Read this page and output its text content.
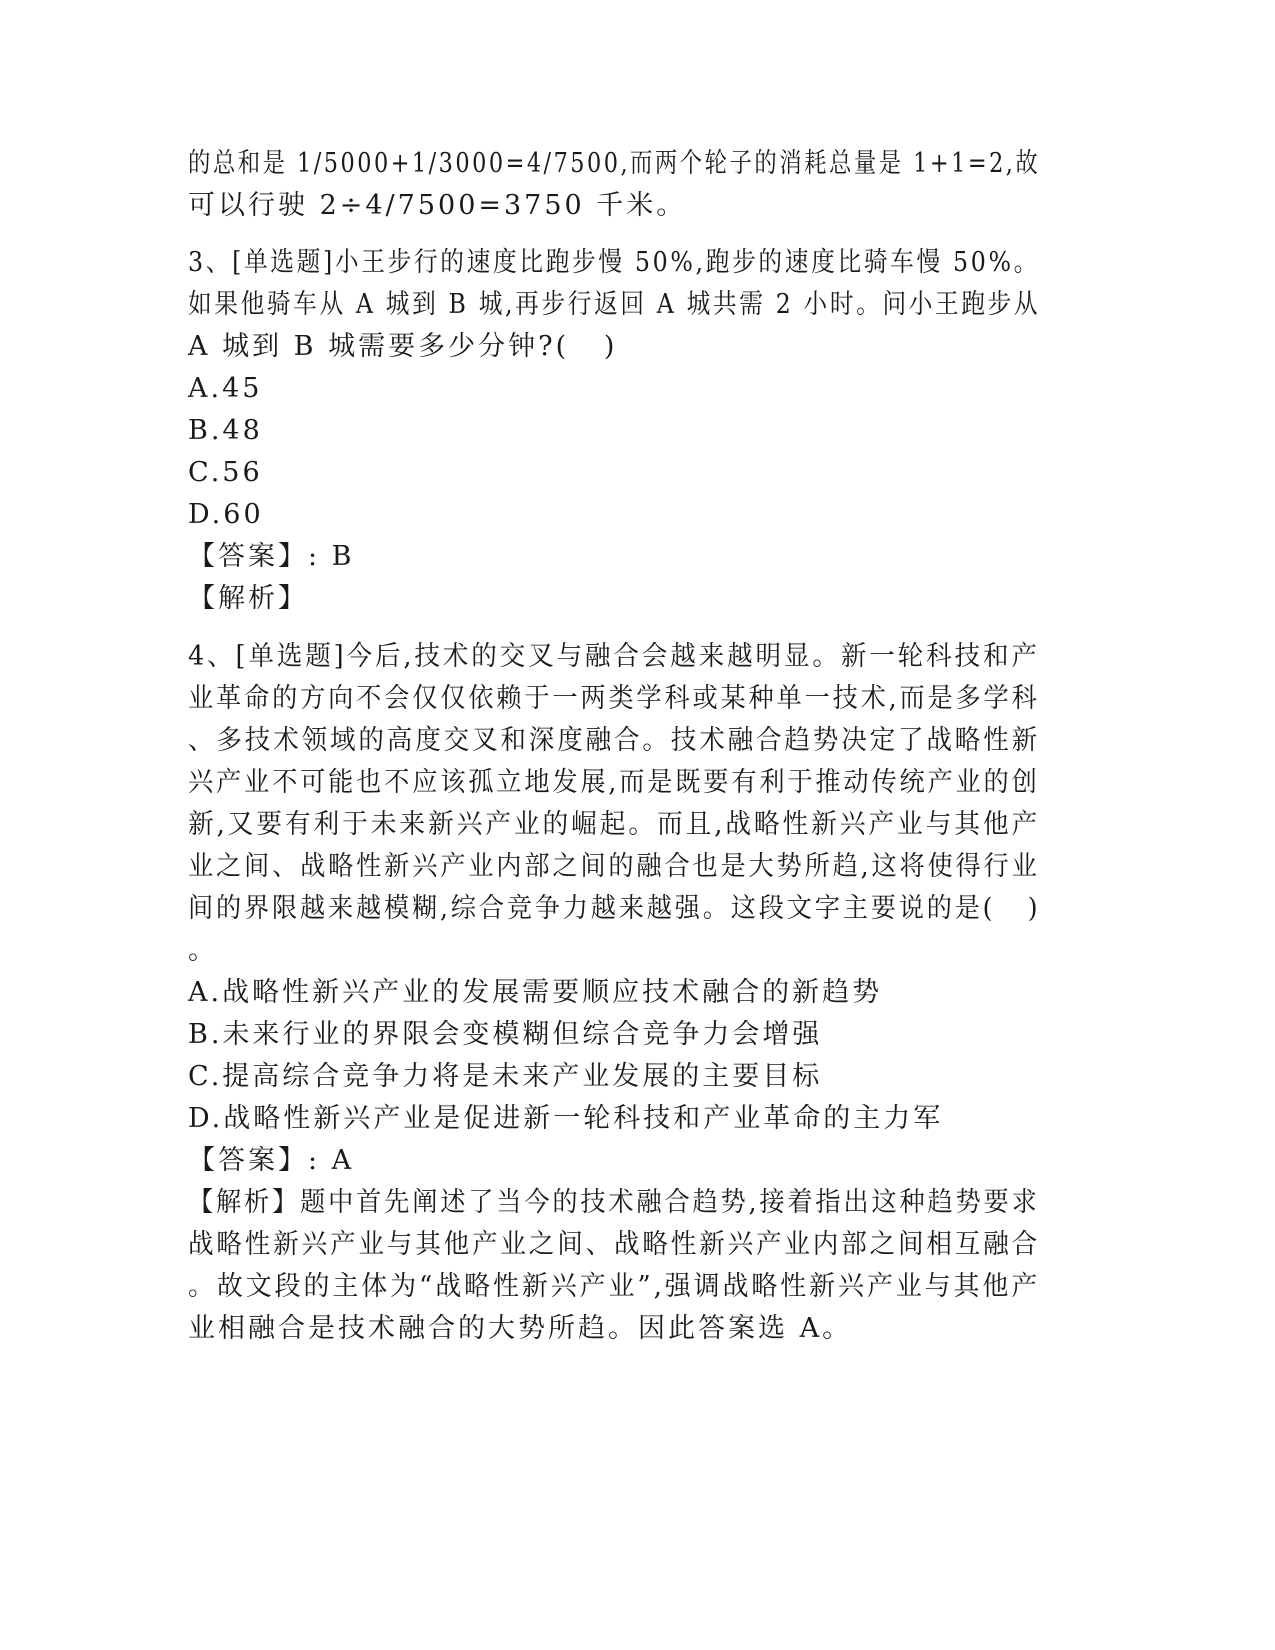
的总和是 1/5000+1/3000=4/7500,而两个轮子的消耗总量是 1+1=2,故
可以行驶 2÷4/7500=3750 千米。
3、[单选题]小王步行的速度比跑步慢 50%,跑步的速度比骑车慢 50%。
如果他骑车从 A 城到 B 城,再步行返回 A 城共需 2 小时。问小王跑步从
A 城到 B 城需要多少分钟?(   )
A.45
B.48
C.56
D.60
【答案】: B
【解析】
4、[单选题]今后,技术的交叉与融合会越来越明显。新一轮科技和产
业革命的方向不会仅仅依赖于一两类学科或某种单一技术,而是多学科
、多技术领域的高度交叉和深度融合。技术融合趋势决定了战略性新
兴产业不可能也不应该孤立地发展,而是既要有利于推动传统产业的创
新,又要有利于未来新兴产业的崛起。而且,战略性新兴产业与其他产
业之间、战略性新兴产业内部之间的融合也是大势所趋,这将使得行业
间的界限越来越模糊,综合竞争力越来越强。这段文字主要说的是(   )
。
A.战略性新兴产业的发展需要顺应技术融合的新趋势
B.未来行业的界限会变模糊但综合竞争力会增强
C.提高综合竞争力将是未来产业发展的主要目标
D.战略性新兴产业是促进新一轮科技和产业革命的主力军
【答案】: A
【解析】题中首先阐述了当今的技术融合趋势,接着指出这种趋势要求
战略性新兴产业与其他产业之间、战略性新兴产业内部之间相互融合
。故文段的主体为“战略性新兴产业”,强调战略性新兴产业与其他产
业相融合是技术融合的大势所趋。因此答案选 A。
